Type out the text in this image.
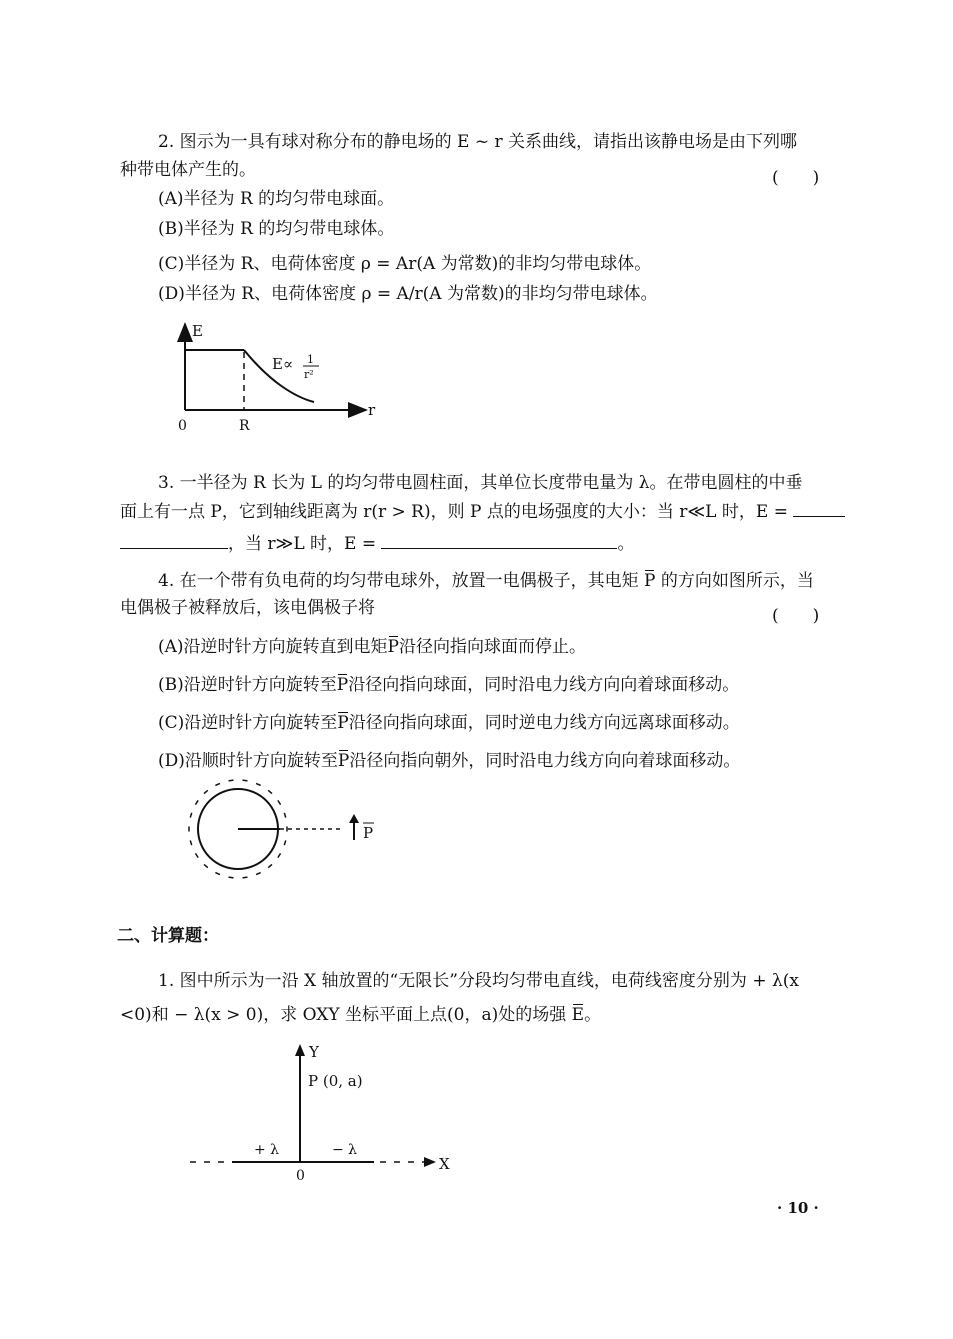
2. 图示为一具有球对称分布的静电场的 E ~ r 关系曲线，请指出该静电场是由下列哪
种带电体产生的。	(　　)
(A)半径为 R 的均匀带电球面。
(B)半径为 R 的均匀带电球体。
(C)半径为 R、电荷体密度 ρ = Ar(A 为常数)的非均匀带电球体。
(D)半径为 R、电荷体密度 ρ = A/r(A 为常数)的非均匀带电球体。
E
E∝ 1
r²
0	R
r
3. 一半径为 R 长为 L 的均匀带电圆柱面，其单位长度带电量为 λ。在带电圆柱的中垂
面上有一点 P，它到轴线距离为 r(r > R)，则 P 点的电场强度的大小：当 r≪L 时，E =
，当 r≫L 时，E =	。
4. 在一个带有负电荷的均匀带电球外，放置一电偶极子，其电矩 P 的方向如图所示，当
电偶极子被释放后，该电偶极子将	(　　)
(A)沿逆时针方向旋转直到电矩P沿径向指向球面而停止。
(B)沿逆时针方向旋转至P沿径向指向球面，同时沿电力线方向向着球面移动。
(C)沿逆时针方向旋转至P沿径向指向球面，同时逆电力线方向远离球面移动。
(D)沿顺时针方向旋转至P沿径向指向朝外，同时沿电力线方向向着球面移动。
P
二、计算题：
1. 图中所示为一沿 X 轴放置的“无限长”分段均匀带电直线，电荷线密度分别为 + λ(x
<0)和 − λ(x > 0)，求 OXY 坐标平面上点(0，a)处的场强 E。
Y
P (0, a)
X
+ λ	− λ
0
· 10 ·
